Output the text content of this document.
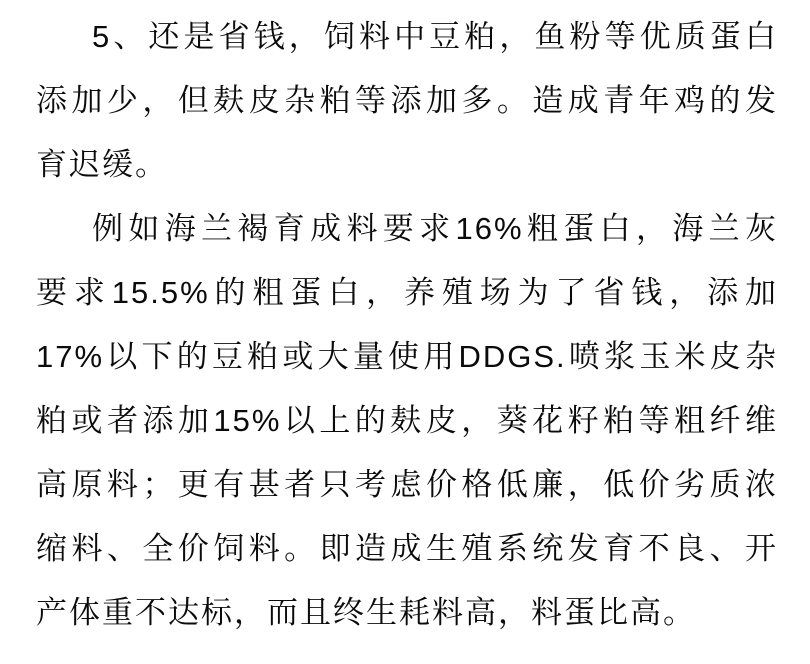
5、还是省钱，饲料中豆粕，鱼粉等优质蛋白
添加少，但麸皮杂粕等添加多。造成青年鸡的发
育迟缓。
例如海兰褐育成料要求16%粗蛋白，海兰灰
要求15.5%的粗蛋白，养殖场为了省钱，添加
17%以下的豆粕或大量使用DDGS.喷浆玉米皮杂
粕或者添加15%以上的麸皮，葵花籽粕等粗纤维
高原料；更有甚者只考虑价格低廉，低价劣质浓
缩料、全价饲料。即造成生殖系统发育不良、开
产体重不达标，而且终生耗料高，料蛋比高。
